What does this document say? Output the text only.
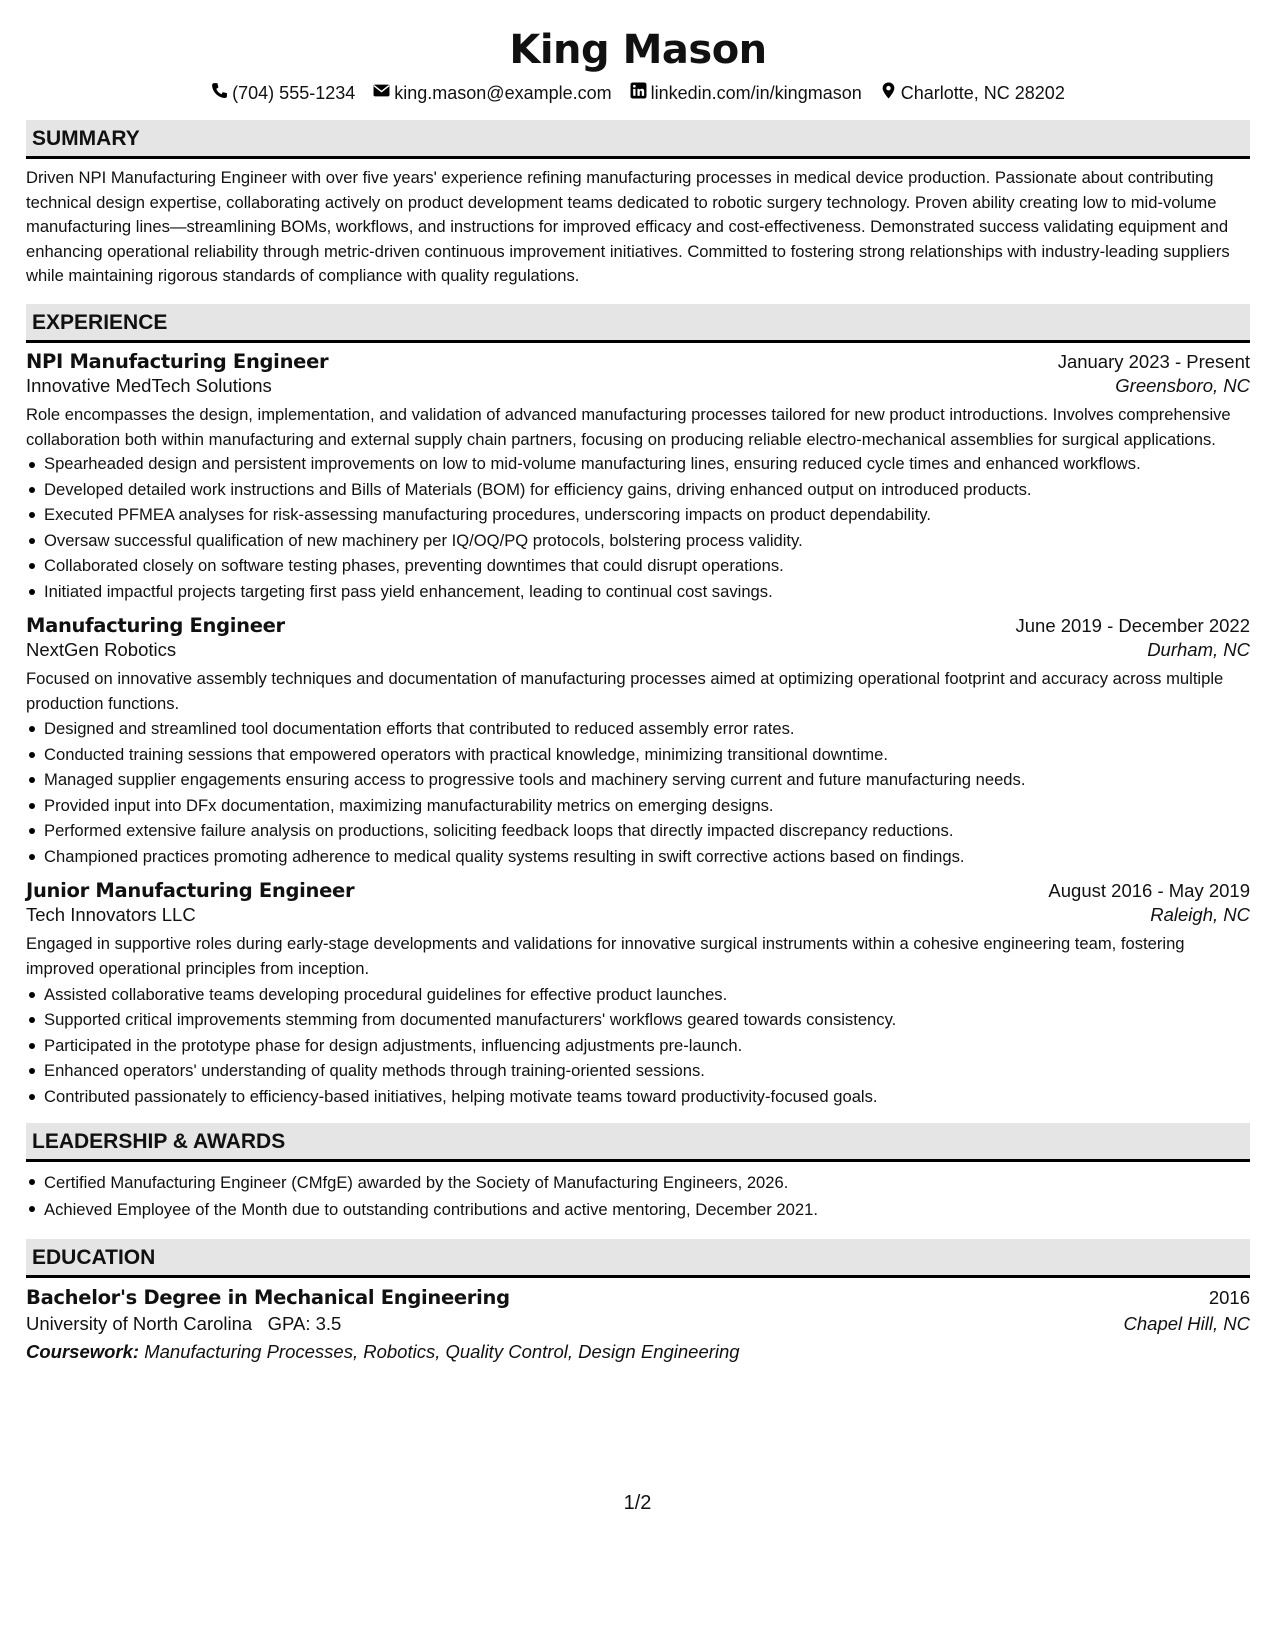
King Mason
(704) 555-1234 king.mason@example.com linkedin.com/in/kingmason Charlotte, NC 28202
SUMMARY
Driven NPI Manufacturing Engineer with over five years' experience refining manufacturing processes in medical device production. Passionate about contributing technical design expertise, collaborating actively on product development teams dedicated to robotic surgery technology. Proven ability creating low to mid-volume manufacturing lines—streamlining BOMs, workflows, and instructions for improved efficacy and cost-effectiveness. Demonstrated success validating equipment and enhancing operational reliability through metric-driven continuous improvement initiatives. Committed to fostering strong relationships with industry-leading suppliers while maintaining rigorous standards of compliance with quality regulations.
EXPERIENCE
NPI Manufacturing Engineer	January 2023 - Present
Innovative MedTech Solutions	Greensboro, NC
Role encompasses the design, implementation, and validation of advanced manufacturing processes tailored for new product introductions. Involves comprehensive collaboration both within manufacturing and external supply chain partners, focusing on producing reliable electro-mechanical assemblies for surgical applications.
Spearheaded design and persistent improvements on low to mid-volume manufacturing lines, ensuring reduced cycle times and enhanced workflows.
Developed detailed work instructions and Bills of Materials (BOM) for efficiency gains, driving enhanced output on introduced products.
Executed PFMEA analyses for risk-assessing manufacturing procedures, underscoring impacts on product dependability.
Oversaw successful qualification of new machinery per IQ/OQ/PQ protocols, bolstering process validity.
Collaborated closely on software testing phases, preventing downtimes that could disrupt operations.
Initiated impactful projects targeting first pass yield enhancement, leading to continual cost savings.
Manufacturing Engineer	June 2019 - December 2022
NextGen Robotics	Durham, NC
Focused on innovative assembly techniques and documentation of manufacturing processes aimed at optimizing operational footprint and accuracy across multiple production functions.
Designed and streamlined tool documentation efforts that contributed to reduced assembly error rates.
Conducted training sessions that empowered operators with practical knowledge, minimizing transitional downtime.
Managed supplier engagements ensuring access to progressive tools and machinery serving current and future manufacturing needs.
Provided input into DFx documentation, maximizing manufacturability metrics on emerging designs.
Performed extensive failure analysis on productions, soliciting feedback loops that directly impacted discrepancy reductions.
Championed practices promoting adherence to medical quality systems resulting in swift corrective actions based on findings.
Junior Manufacturing Engineer	August 2016 - May 2019
Tech Innovators LLC	Raleigh, NC
Engaged in supportive roles during early-stage developments and validations for innovative surgical instruments within a cohesive engineering team, fostering improved operational principles from inception.
Assisted collaborative teams developing procedural guidelines for effective product launches.
Supported critical improvements stemming from documented manufacturers' workflows geared towards consistency.
Participated in the prototype phase for design adjustments, influencing adjustments pre-launch.
Enhanced operators' understanding of quality methods through training-oriented sessions.
Contributed passionately to efficiency-based initiatives, helping motivate teams toward productivity-focused goals.
LEADERSHIP & AWARDS
Certified Manufacturing Engineer (CMfgE) awarded by the Society of Manufacturing Engineers, 2026.
Achieved Employee of the Month due to outstanding contributions and active mentoring, December 2021.
EDUCATION
Bachelor's Degree in Mechanical Engineering	2016
University of North Carolina GPA: 3.5	Chapel Hill, NC
Coursework: Manufacturing Processes, Robotics, Quality Control, Design Engineering
1/2
